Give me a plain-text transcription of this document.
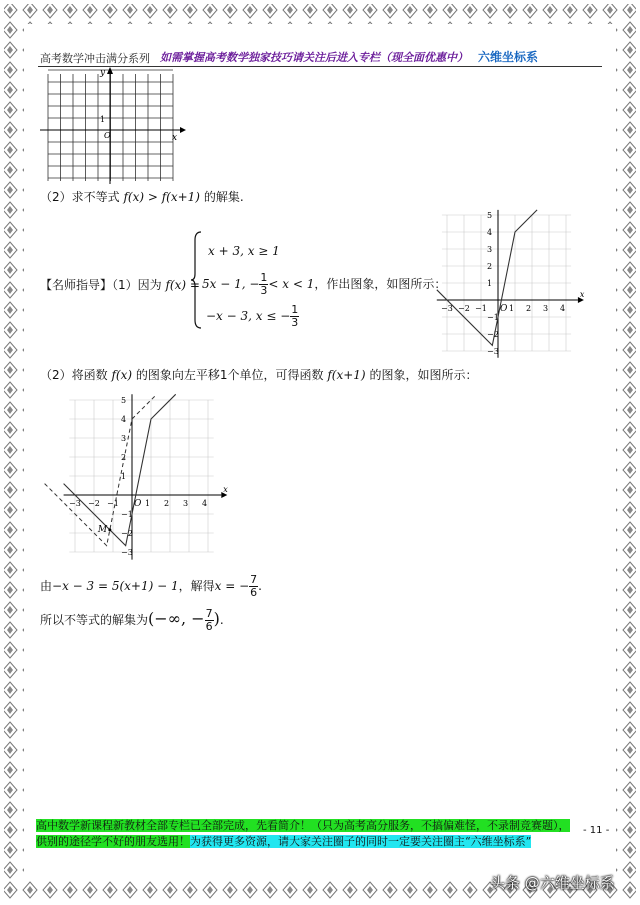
高考数学冲击满分系列 如需掌握高考数学独家技巧请关注后进入专栏（现全面优惠中） 六维坐标系
y
x
O
1
（2）求不等式 f(x) > f(x+1) 的解集.
【名师指导】（1）因为 f(x) =
x + 3, x ≥ 1
5x − 1, − $\frac{1}{3} < x < 1$，作出图象，如图所示：
−x − 3, x ≤ − $\frac{1}{3}$	−3 −2 −1	1 2 3 4
5
4
3
2
1
−1
−2
−3
x
O
（2）将函数 f(x) 的图象向左平移1个单位，可得函数 f(x+1) 的图象，如图所示：
−3 −2 −1	1 2 3 4
5
4
3
2
1
−1
−2
−3
x
O
M
由−x − 3 = 5(x+1) − 1，解得x = − $\frac{7}{6}$ .
所以不等式的解集为(−∞, − $\frac{7}{6}$ ).
高中数学新课程新教材全部专栏已全部完成，先看简介！（只为高考高分服务，不搞偏难怪，不录制竞赛题），
供别的途径学不好的朋友选用！为获得更多资源，请大家关注圈子的同时一定要关注圈主“六维坐标系”
- 11 -
头条 @六维坐标系
